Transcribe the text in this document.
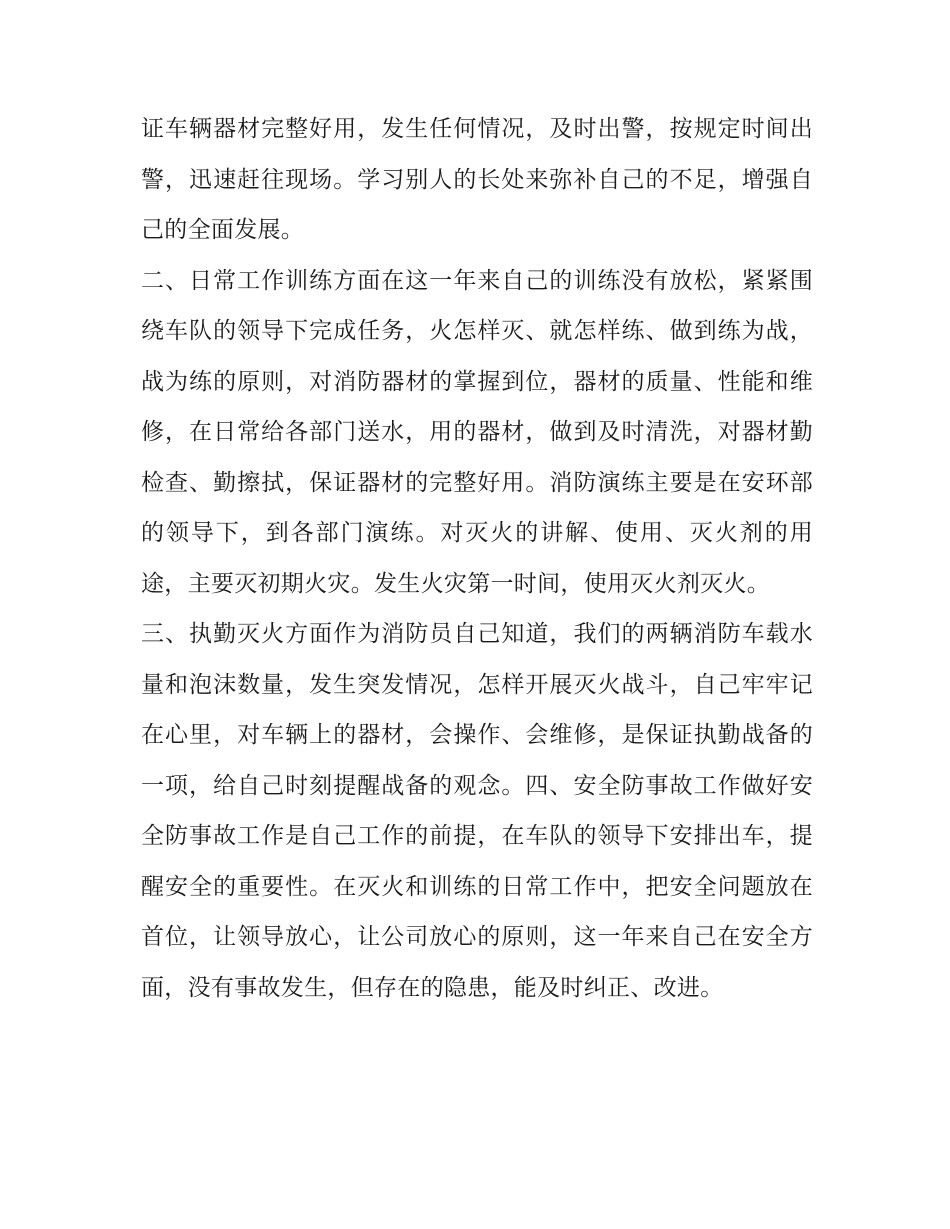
证车辆器材完整好用，发生任何情况，及时出警，按规定时间出警，迅速赶往现场。学习别人的长处来弥补自己的不足，增强自己的全面发展。

二、日常工作训练方面在这一年来自己的训练没有放松，紧紧围绕车队的领导下完成任务，火怎样灭、就怎样练、做到练为战，战为练的原则，对消防器材的掌握到位，器材的质量、性能和维修，在日常给各部门送水，用的器材，做到及时清洗，对器材勤检查、勤擦拭，保证器材的完整好用。消防演练主要是在安环部的领导下，到各部门演练。对灭火的讲解、使用、灭火剂的用途，主要灭初期火灾。发生火灾第一时间，使用灭火剂灭火。

三、执勤灭火方面作为消防员自己知道，我们的两辆消防车载水量和泡沫数量，发生突发情况，怎样开展灭火战斗，自己牢牢记在心里，对车辆上的器材，会操作、会维修，是保证执勤战备的一项，给自己时刻提醒战备的观念。四、安全防事故工作做好安全防事故工作是自己工作的前提，在车队的领导下安排出车，提醒安全的重要性。在灭火和训练的日常工作中，把安全问题放在首位，让领导放心，让公司放心的原则，这一年来自己在安全方面，没有事故发生，但存在的隐患，能及时纠正、改进。
